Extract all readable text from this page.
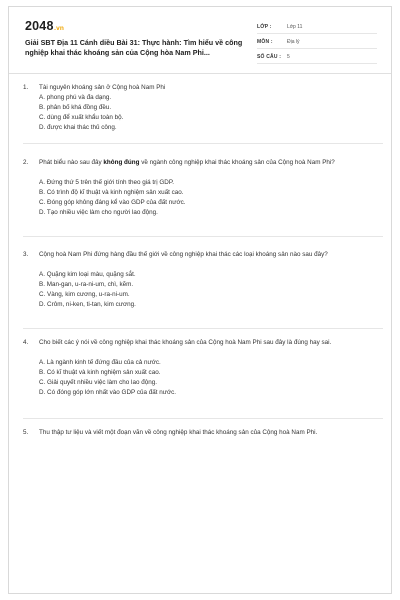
2048.vn
Giải SBT Địa 11 Cánh diều Bài 31: Thực hành: Tìm hiểu về công nghiệp khai thác khoáng sản của Cộng hòa Nam Phi...
LỚP :	Lớp 11
MÔN :	Địa lý
SỐ CÂU : 5
1. Tài nguyên khoáng sản ở Cộng hoà Nam Phi
A. phong phú và đa dạng.
B. phân bố khá đồng đều.
C. dùng để xuất khẩu toàn bộ.
D. được khai thác thủ công.
2. Phát biểu nào sau đây không đúng về ngành công nghiệp khai thác khoáng sản của Cộng hoà Nam Phi?
A. Đứng thứ 5 trên thế giới tính theo giá trị GDP.
B. Có trình độ kĩ thuật và kinh nghiệm sản xuất cao.
C. Đóng góp không đáng kể vào GDP của đất nước.
D. Tạo nhiều việc làm cho người lao động.
3. Cộng hoà Nam Phi đứng hàng đầu thế giới về công nghiệp khai thác các loại khoáng sản nào sau đây?
A. Quặng kim loại màu, quặng sắt.
B. Man-gan, u-ra-ni-um, chì, kẽm.
C. Vàng, kim cương, u-ra-ni-um.
D. Crôm, ni-ken, ti-tan, kim cương.
4. Cho biết các ý nói về công nghiệp khai thác khoáng sản của Cộng hoà Nam Phi sau đây là đúng hay sai.
A. Là ngành kinh tế đứng đầu của cả nước.
B. Có kĩ thuật và kinh nghiệm sản xuất cao.
C. Giải quyết nhiều việc làm cho lao động.
D. Có đóng góp lớn nhất vào GDP của đất nước.
5. Thu thập tư liệu và viết một đoạn văn về công nghiệp khai thác khoáng sản của Cộng hoà Nam Phi.
